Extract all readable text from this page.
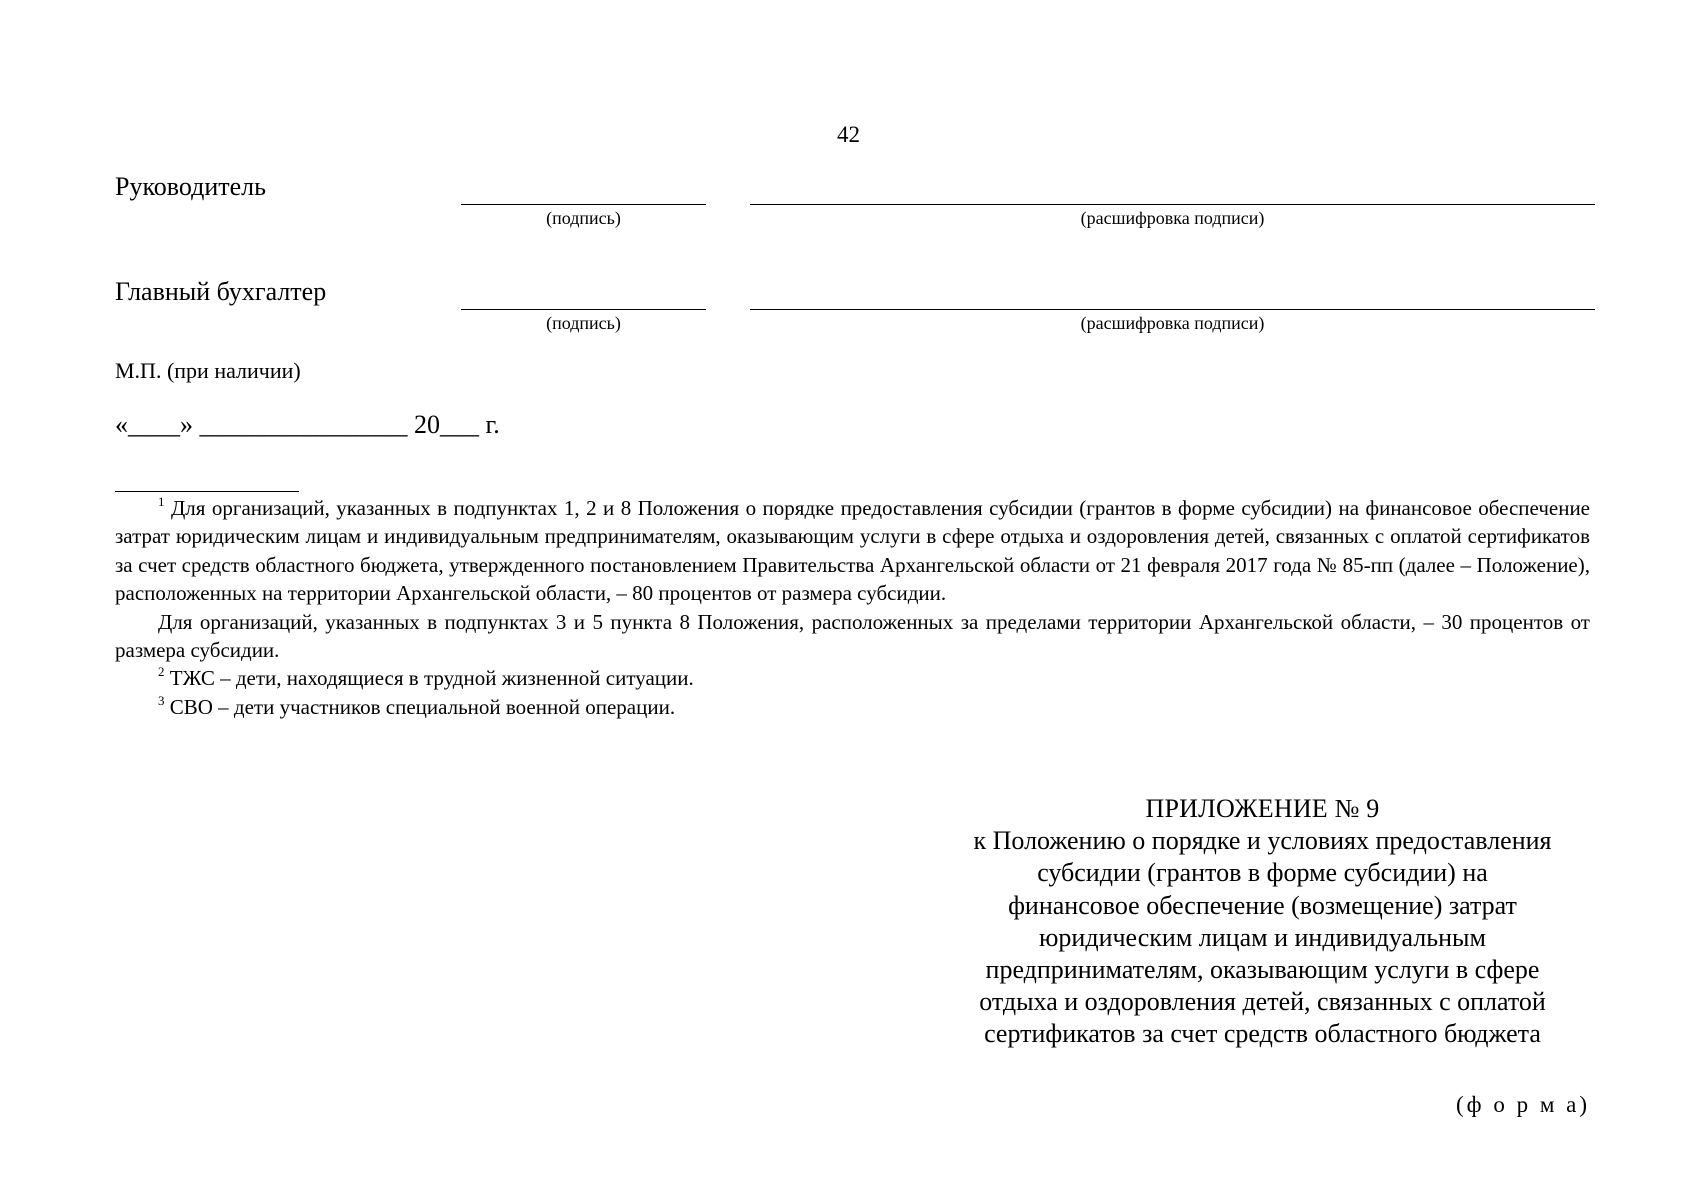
42
Руководитель
(подпись)	(расшифровка подписи)
Главный бухгалтер
(подпись)	(расшифровка подписи)
М.П. (при наличии)
«____» ________________ 20___ г.

$^1$ Для организаций, указанных в подпунктах 1, 2 и 8 Положения о порядке предоставления субсидии (грантов в форме субсидии) на финансовое обеспечение затрат юридическим лицам и индивидуальным предпринимателям, оказывающим услуги в сфере отдыха и оздоровления детей, связанных с оплатой сертификатов за счет средств областного бюджета, утвержденного постановлением Правительства Архангельской области от 21 февраля 2017 года № 85-пп (далее – Положение), расположенных на территории Архангельской области, – 80 процентов от размера субсидии.

Для организаций, указанных в подпунктах 3 и 5 пункта 8 Положения, расположенных за пределами территории Архангельской области, – 30 процентов от размера субсидии.

$^2$ ТЖС – дети, находящиеся в трудной жизненной ситуации.

$^3$ СВО – дети участников специальной военной операции.

ПРИЛОЖЕНИЕ № 9
к Положению о порядке и условиях предоставления
субсидии (грантов в форме субсидии) на
финансовое обеспечение (возмещение) затрат
юридическим лицам и индивидуальным
предпринимателям, оказывающим услуги в сфере
отдыха и оздоровления детей, связанных с оплатой
сертификатов за счет средств областного бюджета
(ф о р м а)
